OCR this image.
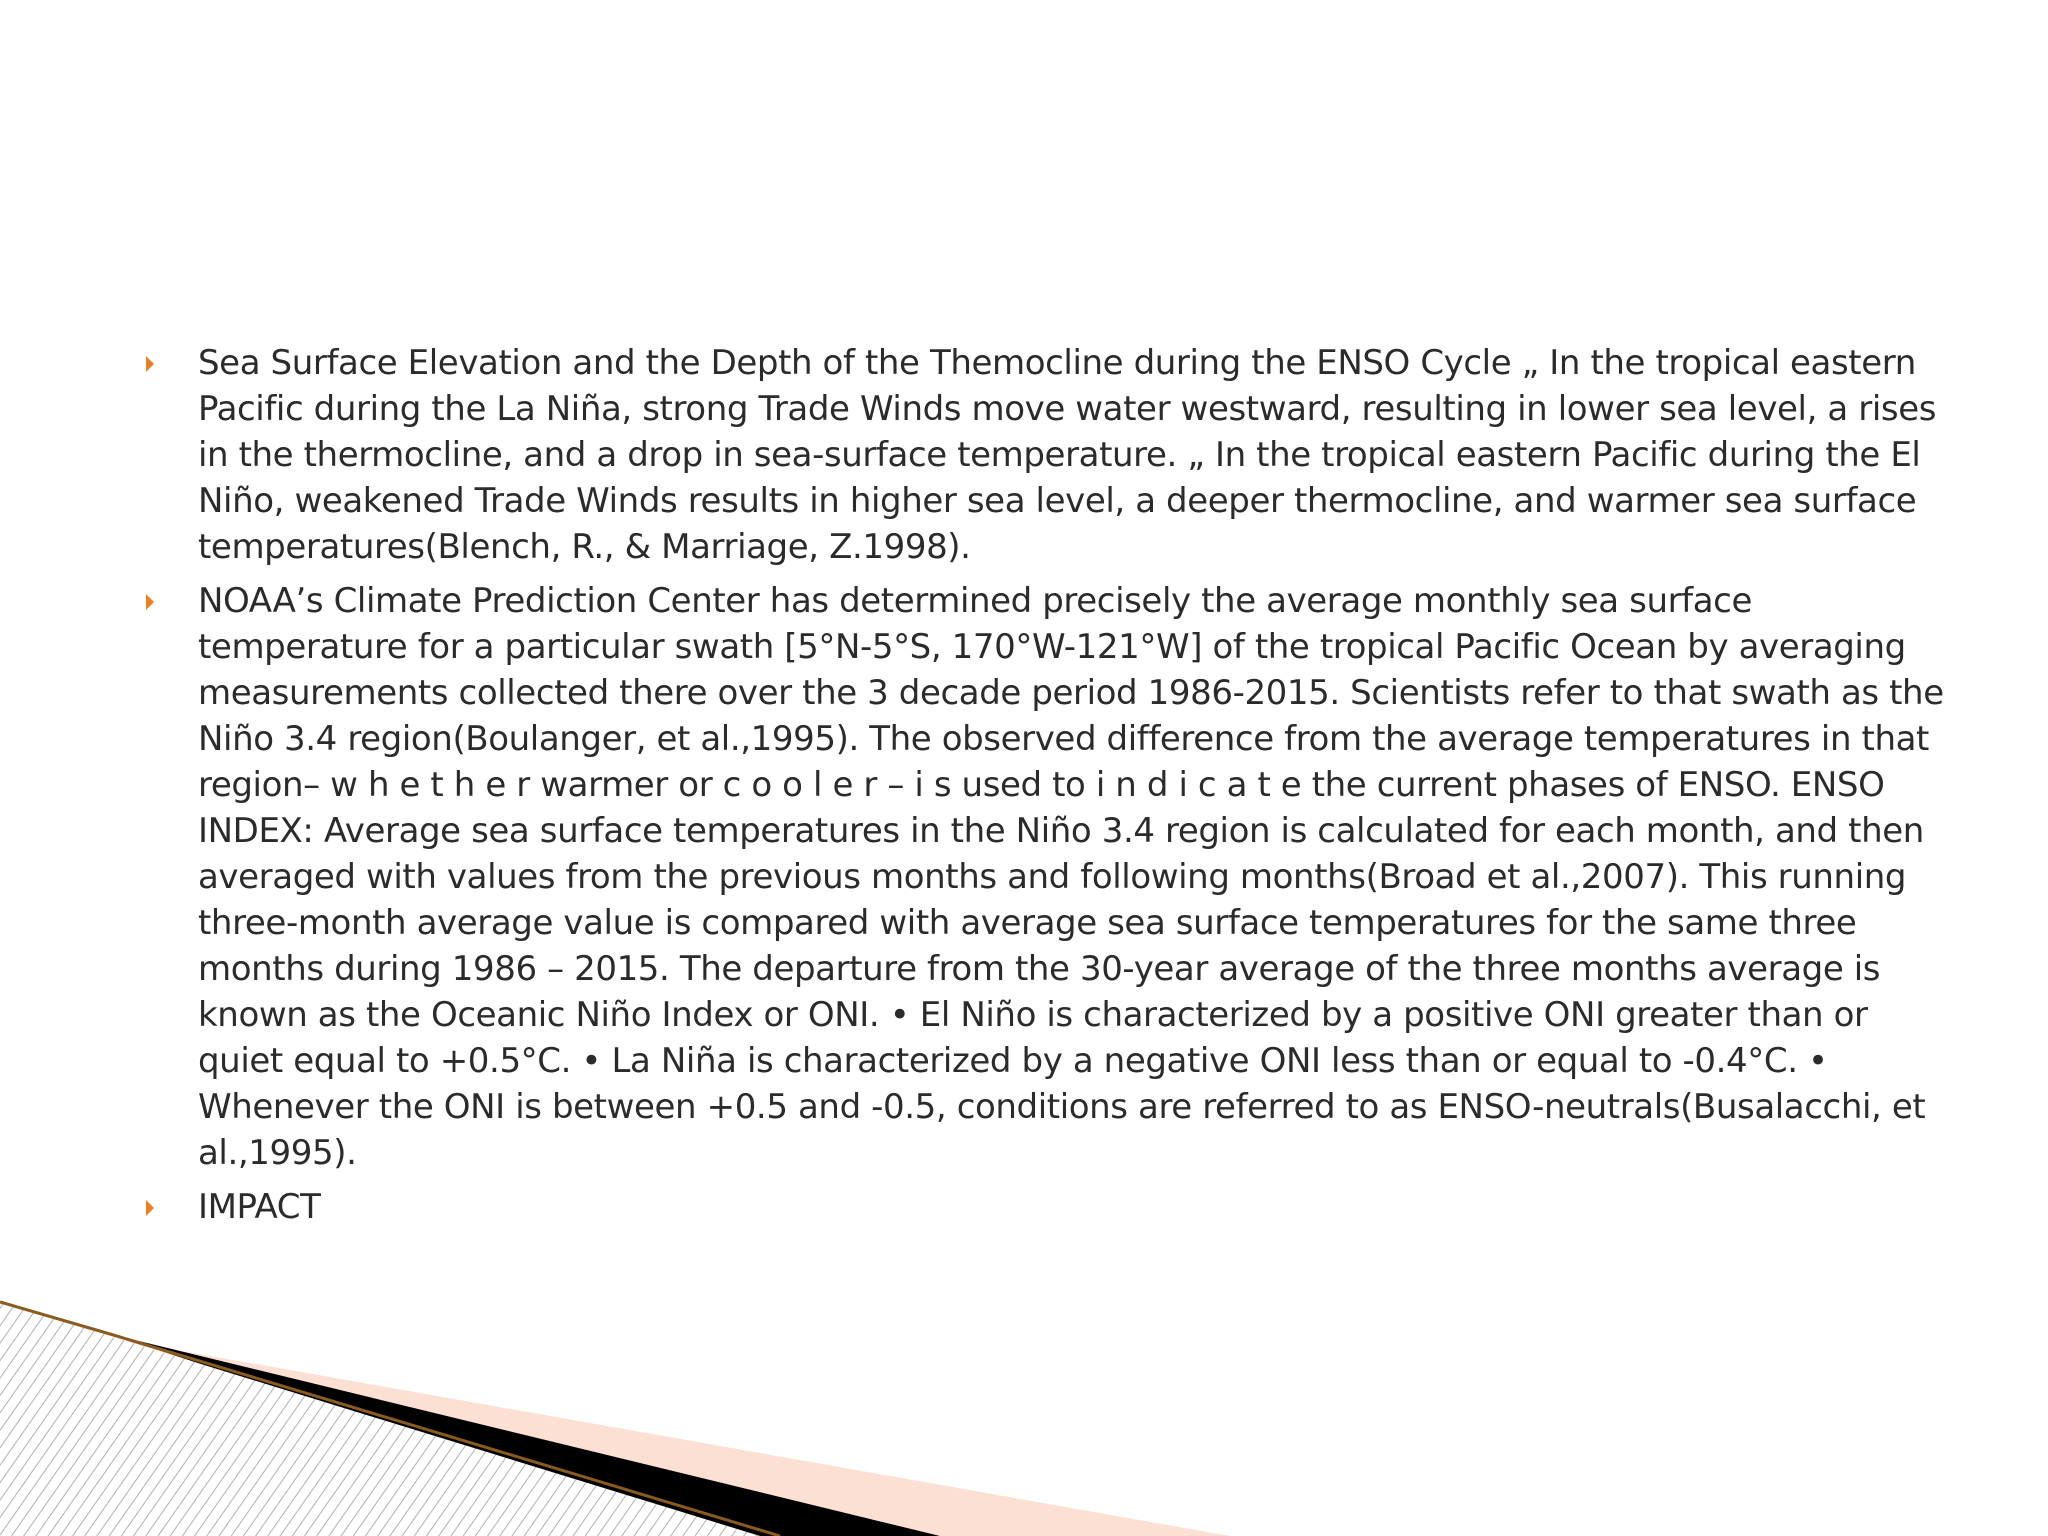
Sea Surface Elevation and the Depth of the Themocline during the ENSO Cycle „ In the tropical eastern Pacific during the La Niña, strong Trade Winds move water westward, resulting in lower sea level, a rises in the thermocline, and a drop in sea-surface temperature. „ In the tropical eastern Pacific during the El Niño, weakened Trade Winds results in higher sea level, a deeper thermocline, and warmer sea surface temperatures(Blench, R., & Marriage, Z.1998).
NOAA’s Climate Prediction Center has determined precisely the average monthly sea surface temperature for a particular swath [5°N-5°S, 170°W-121°W] of the tropical Pacific Ocean by averaging measurements collected there over the 3 decade period 1986-2015. Scientists refer to that swath as the Niño 3.4 region(Boulanger, et al.,1995). The observed difference from the average temperatures in that region– w h e t h e r warmer or c o o l e r – i s used to i n d i c a t e the current phases of ENSO. ENSO INDEX: Average sea surface temperatures in the Niño 3.4 region is calculated for each month, and then averaged with values from the previous months and following months(Broad et al.,2007). This running three-month average value is compared with average sea surface temperatures for the same three months during 1986 – 2015. The departure from the 30-year average of the three months average is known as the Oceanic Niño Index or ONI. • El Niño is characterized by a positive ONI greater than or quiet equal to +0.5°C. • La Niña is characterized by a negative ONI less than or equal to -0.4°C. • Whenever the ONI is between +0.5 and -0.5, conditions are referred to as ENSO-neutrals(Busalacchi, et al.,1995).
IMPACT
